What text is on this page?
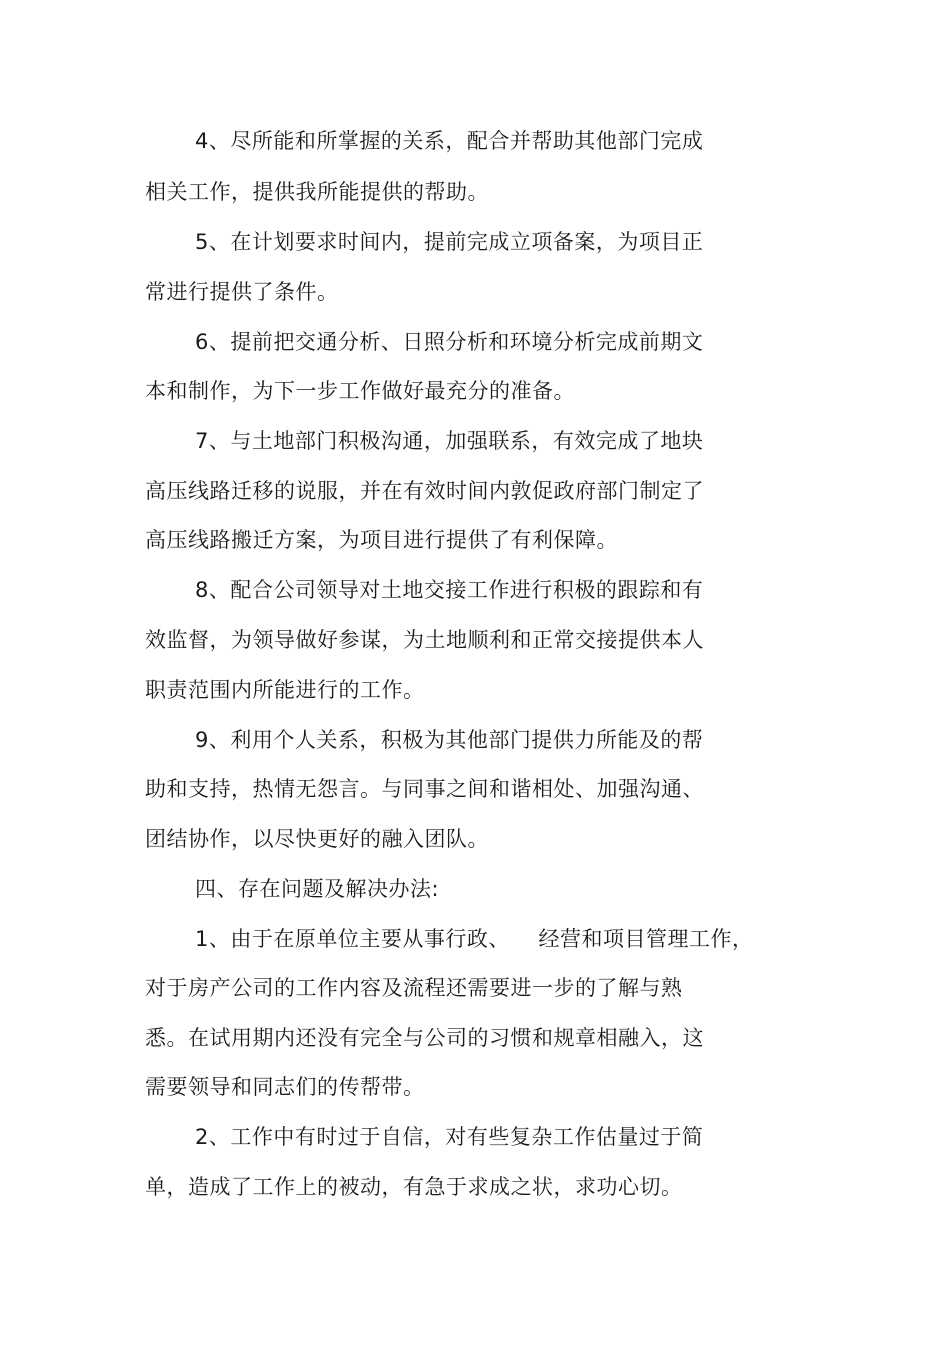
4、尽所能和所掌握的关系，配合并帮助其他部门完成
相关工作，提供我所能提供的帮助。
5、在计划要求时间内，提前完成立项备案，为项目正
常进行提供了条件。
6、提前把交通分析、日照分析和环境分析完成前期文
本和制作，为下一步工作做好最充分的准备。
7、与土地部门积极沟通，加强联系，有效完成了地块
高压线路迁移的说服，并在有效时间内敦促政府部门制定了
高压线路搬迁方案，为项目进行提供了有利保障。
8、配合公司领导对土地交接工作进行积极的跟踪和有
效监督，为领导做好参谋，为土地顺利和正常交接提供本人
职责范围内所能进行的工作。
9、利用个人关系，积极为其他部门提供力所能及的帮
助和支持，热情无怨言。与同事之间和谐相处、加强沟通、
团结协作，以尽快更好的融入团队。
四、存在问题及解决办法:
1、由于在原单位主要从事行政、    经营和项目管理工作，
对于房产公司的工作内容及流程还需要进一步的了解与熟
悉。在试用期内还没有完全与公司的习惯和规章相融入，这
需要领导和同志们的传帮带。
2、工作中有时过于自信，对有些复杂工作估量过于简
单，造成了工作上的被动，有急于求成之状，求功心切。
